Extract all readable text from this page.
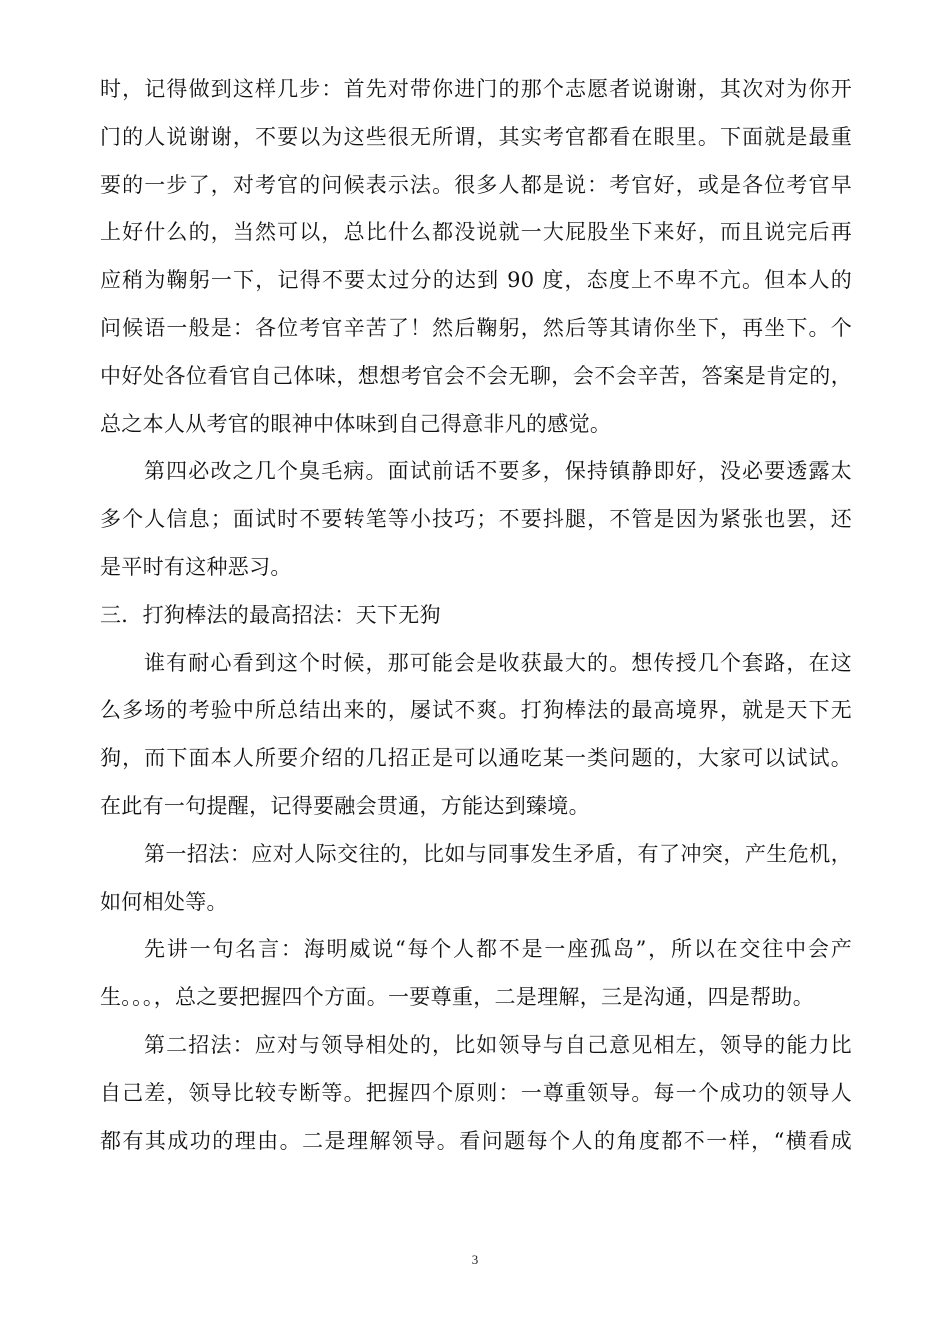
时，记得做到这样几步：首先对带你进门的那个志愿者说谢谢，其次对为你开
门的人说谢谢，不要以为这些很无所谓，其实考官都看在眼里。下面就是最重
要的一步了，对考官的问候表示法。很多人都是说：考官好，或是各位考官早
上好什么的，当然可以，总比什么都没说就一大屁股坐下来好，而且说完后再
应稍为鞠躬一下，记得不要太过分的达到 90 度，态度上不卑不亢。但本人的
问候语一般是：各位考官辛苦了！然后鞠躬，然后等其请你坐下，再坐下。个
中好处各位看官自己体味，想想考官会不会无聊，会不会辛苦，答案是肯定的，
总之本人从考官的眼神中体味到自己得意非凡的感觉。
第四必改之几个臭毛病。面试前话不要多，保持镇静即好，没必要透露太
多个人信息；面试时不要转笔等小技巧；不要抖腿，不管是因为紧张也罢，还
是平时有这种恶习。
三．打狗棒法的最高招法：天下无狗
谁有耐心看到这个时候，那可能会是收获最大的。想传授几个套路，在这
么多场的考验中所总结出来的，屡试不爽。打狗棒法的最高境界，就是天下无
狗，而下面本人所要介绍的几招正是可以通吃某一类问题的，大家可以试试。
在此有一句提醒，记得要融会贯通，方能达到臻境。
第一招法：应对人际交往的，比如与同事发生矛盾，有了冲突，产生危机，
如何相处等。
先讲一句名言：海明威说“每个人都不是一座孤岛”，所以在交往中会产
生。。。，总之要把握四个方面。一要尊重，二是理解，三是沟通，四是帮助。
第二招法：应对与领导相处的，比如领导与自己意见相左，领导的能力比
自己差，领导比较专断等。把握四个原则：一尊重领导。每一个成功的领导人
都有其成功的理由。二是理解领导。看问题每个人的角度都不一样，“横看成
3
